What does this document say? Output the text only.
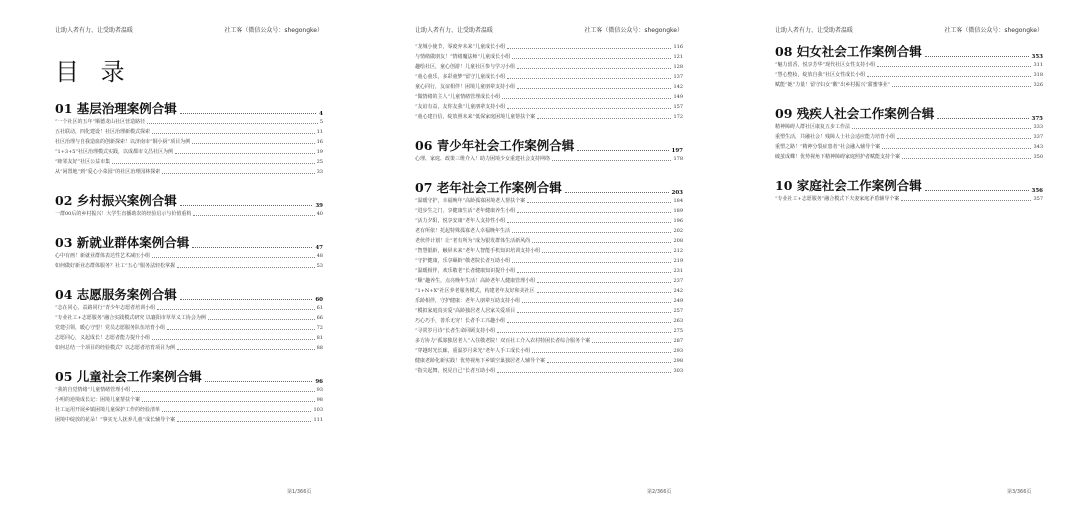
让助人者有力、让受助者温暖	社工客（微信公众号：shegongke）
目 录
01 基层治理案例合辑	4
“一个社区的五年”顺德龙山社区营造路径	5
五社联动，四化建设！社区治理新模式探索	11
社区治理与自我造血的创新探索！以济南市“铜小厨”项目为例	16
“1+3+5”社区治理模式实践，以成都市文昌社区为例	19
“睦邻友好”社区公益市集	25
从“闲置地”到“爱心小菜园”的社区治理园林探索	33
02 乡村振兴案例合辑	39
一群00后的乡村振兴！大学生直播助农的经验启示与价值重构	40
03 新就业群体案例合辑	47
心中有画！新就业群体表达性艺术减压小组	48
如何做好新业态群体服务？社工“五心”服务法轻松掌握	53
04 志愿服务案例合辑	60
“志在同心，益路同行”青少年志愿者培训小组	61
“专业社工+志愿服务”融合实践模式研究 以襄阳市草草义工协会为例	66
党建引领，暖心守望！党员志愿服务队伍培育小组	72
志愿同心，义起成长！志愿者能力提升小组	81
如何总结一个项目的经验模式？以志愿者培育项目为例	88
05 儿童社会工作案例合辑	96
“我的自觉情绪”儿童情绪管理小组	93
小明的逆境成长记：困境儿童帮扶个案	98
社工运用开展乡镇困境儿童保护工作的经验清单	103
困境中绽放的花朵！“事实无人抚养儿童”成长辅导个案	111
第1/366页
让助人者有力、让受助者温暖	社工客（微信公众号：shegongke）
“龙城小使节，零废弃未来”儿童成长小组	116
与情绪做朋友！“情绪魔法师”儿童成长小组	121
趣绘社区，童心创游！儿童社区参与学习小组	128
“童心童乐，多彩童梦”留守儿童成长小组	137
童心同行，友谊相伴！困境儿童朋辈支持小组	142
“做情绪的主人”儿童情绪管理成长小组	149
“友谊有益，友你友我”儿童朋辈支持小组	157
“童心建自信，绽放照未来”低保家庭困境儿童帮扶个案	172
06 青少年社会工作案例合辑	197
心理、家庭、政策三维介入！助力困境少女重建社会支持网络	178
07 老年社会工作案例合辑	203
“温暖守护，幸福晚年”高龄孤寡困境老人帮扶个案	184
“进步生之门，享健康生活”老年健康养生小组	189
“活力夕阳，悦享安康”老年人支持性小组	196
老有所依！托起特殊孤寡老人幸福晚年生活	202
老伙伴计划！让“老有所为”成为银发群体生活新风尚	208
“智慧银龄，触屏未来”老年人智能手机知识培训支持小组	212
“守护健康，乐享颐龄”敬老院长者互助小组	219
“温暖相伴，欢乐敬老”长者健康知识提升小组	231
“顺”趣养生，点亮晚年生活！高龄老年人健康管理小组	237
“1+N+X”社区养老服务模式，构建老年友好和美社区	242
乐龄相伴，守护健康：老年人朋辈互助支持小组	249
“模拟家庭真实爱”高龄独居老人居家关爱项目	257
巧心巧手，善乐无穷！长者手工兴趣小组	263
“寻常岁月诗”长者生命回顾支持小组	275
多方协力“孤寡独居老人”入住敬老院！双百社工介入农村特困长者综合服务个案	287
“穿越时光长廊，重温岁月荣光”老年人手工成长小组	293
健康老龄化新实践！优势视角下乡镇空巢独居老人辅导个案	298
“指尖起舞，悦见自己”长者互助小组	303
第2/366页
让助人者有力、让受助者温暖	社工客（微信公众号：shegongke）
08 妇女社会工作案例合辑	353
“魅力留香，悦享芳华”现代社区女性支持小组	311
“慧心整妆，绽放自我”社区女性成长小组	318
赋能“她”力量！留守妇女“酸”出乡村振兴“甜蜜事业”	326
09 残疾人社会工作案例合辑	375
精神障碍人群社区康复五步工作法	333
重塑生活，共融社会！残障人士社会适应能力培育小组	337
重塑之路！“精神分裂症患者”社会融入辅导个案	343
破茧成蝶！优势视角下精神障碍家庭照护者赋能支持个案	350
10 家庭社会工作案例合辑	356
“专业社工+志愿服务”融合模式下夫妻家庭矛盾辅导个案	357
第3/366页
